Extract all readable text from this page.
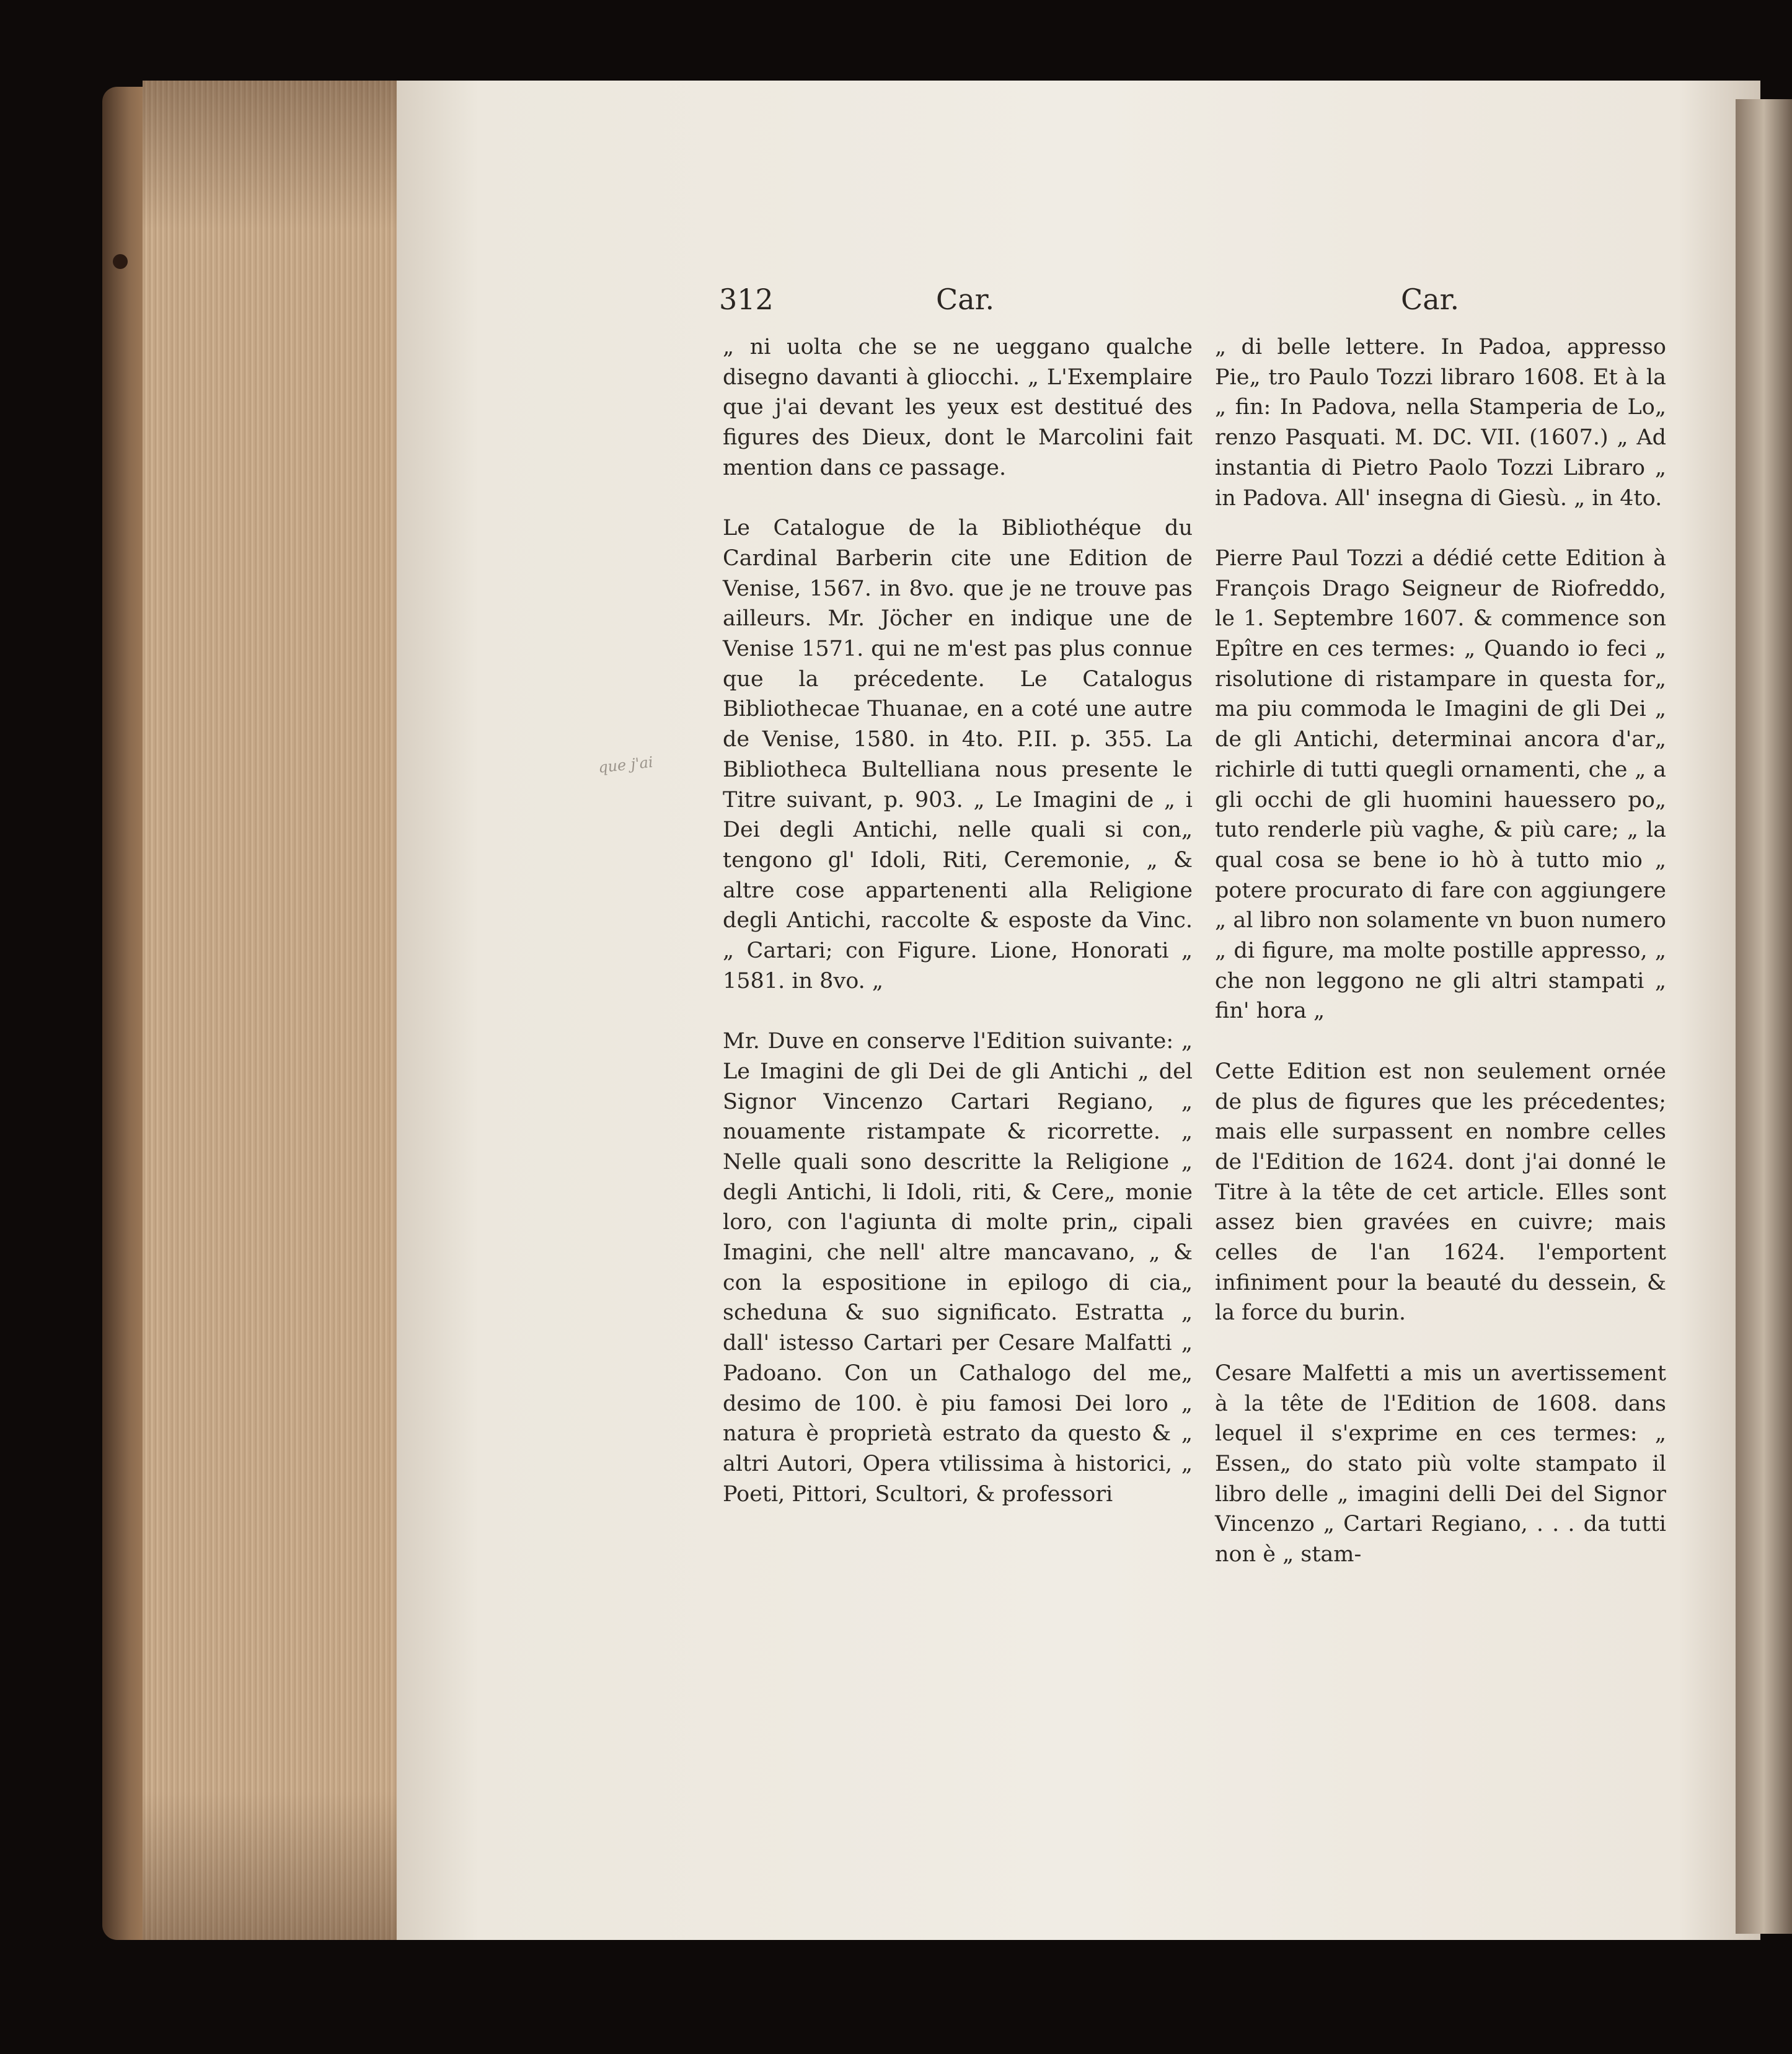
312	Car.	Car.
que j'ai

„ ni uolta che se ne ueggano qualche disegno davanti à gliocchi. „ L'Exemplaire que j'ai devant les yeux est destitué des figures des Dieux, dont le Marcolini fait mention dans ce passage.

Le Catalogue de la Bibliothéque du Cardinal Barberin cite une Edition de Venise, 1567. in 8vo. que je ne trouve pas ailleurs. Mr. Jöcher en indique une de Venise 1571. qui ne m'est pas plus connue que la précedente. Le Catalogus Bibliothecae Thuanae, en a coté une autre de Venise, 1580. in 4to. P.II. p. 355. La Bibliotheca Bultelliana nous presente le Titre suivant, p. 903. „ Le Imagini de „ i Dei degli Antichi, nelle quali si con„ tengono gl' Idoli, Riti, Ceremonie, „ & altre cose appartenenti alla Religione degli Antichi, raccolte & esposte da Vinc. „ Cartari; con Figure. Lione, Honorati „ 1581. in 8vo. „

Mr. Duve en conserve l'Edition suivante: „ Le Imagini de gli Dei de gli Antichi „ del Signor Vincenzo Cartari Regiano, „ nouamente ristampate & ricorrette. „ Nelle quali sono descritte la Religione „ degli Antichi, li Idoli, riti, & Cere„ monie loro, con l'agiunta di molte prin„ cipali Imagini, che nell' altre mancavano, „ & con la espositione in epilogo di cia„ scheduna & suo significato. Estratta „ dall' istesso Cartari per Cesare Malfatti „ Padoano. Con un Cathalogo del me„ desimo de 100. è piu famosi Dei loro „ natura è proprietà estrato da questo & „ altri Autori, Opera vtilissima à historici, „ Poeti, Pittori, Scultori, & professori

„ di belle lettere. In Padoa, appresso Pie„ tro Paulo Tozzi libraro 1608. Et à la „ fin: In Padova, nella Stamperia de Lo„ renzo Pasquati. M. DC. VII. (1607.) „ Ad instantia di Pietro Paolo Tozzi Libraro „ in Padova. All' insegna di Giesù. „ in 4to.

Pierre Paul Tozzi a dédié cette Edition à François Drago Seigneur de Riofreddo, le 1. Septembre 1607. & commence son Epître en ces termes: „ Quando io feci „ risolutione di ristampare in questa for„ ma piu commoda le Imagini de gli Dei „ de gli Antichi, determinai ancora d'ar„ richirle di tutti quegli ornamenti, che „ a gli occhi de gli huomini hauessero po„ tuto renderle più vaghe, & più care; „ la qual cosa se bene io hò à tutto mio „ potere procurato di fare con aggiungere „ al libro non solamente vn buon numero „ di figure, ma molte postille appresso, „ che non leggono ne gli altri stampati „ fin' hora „

Cette Edition est non seulement ornée de plus de figures que les précedentes; mais elle surpassent en nombre celles de l'Edition de 1624. dont j'ai donné le Titre à la tête de cet article. Elles sont assez bien gravées en cuivre; mais celles de l'an 1624. l'emportent infiniment pour la beauté du dessein, & la force du burin.

Cesare Malfetti a mis un avertissement à la tête de l'Edition de 1608. dans lequel il s'exprime en ces termes: „ Essen„ do stato più volte stampato il libro delle „ imagini delli Dei del Signor Vincenzo „ Cartari Regiano, . . . da tutti non è „ stam-
